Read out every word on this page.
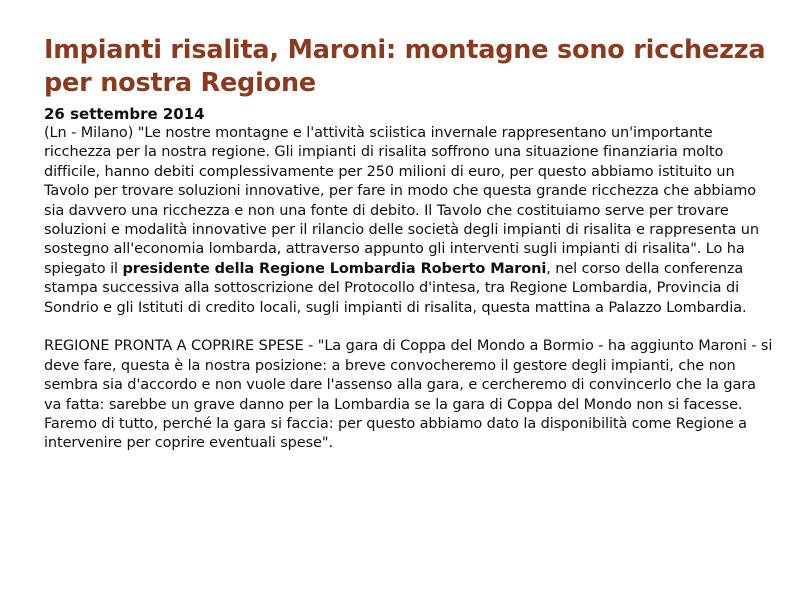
Impianti risalita, Maroni: montagne sono ricchezza per nostra Regione
26 settembre 2014

(Ln - Milano) "Le nostre montagne e l'attività sciistica invernale rappresentano un'importante ricchezza per la nostra regione. Gli impianti di risalita soffrono una situazione finanziaria molto difficile, hanno debiti complessivamente per 250 milioni di euro, per questo abbiamo istituito un Tavolo per trovare soluzioni innovative, per fare in modo che questa grande ricchezza che abbiamo sia davvero una ricchezza e non una fonte di debito. Il Tavolo che costituiamo serve per trovare soluzioni e modalità innovative per il rilancio delle società degli impianti di risalita e rappresenta un sostegno all'economia lombarda, attraverso appunto gli interventi sugli impianti di risalita". Lo ha spiegato il presidente della Regione Lombardia Roberto Maroni, nel corso della conferenza stampa successiva alla sottoscrizione del Protocollo d'intesa, tra Regione Lombardia, Provincia di Sondrio e gli Istituti di credito locali, sugli impianti di risalita, questa mattina a Palazzo Lombardia.

REGIONE PRONTA A COPRIRE SPESE - "La gara di Coppa del Mondo a Bormio - ha aggiunto Maroni - si deve fare, questa è la nostra posizione: a breve convocheremo il gestore degli impianti, che non sembra sia d'accordo e non vuole dare l'assenso alla gara, e cercheremo di convincerlo che la gara va fatta: sarebbe un grave danno per la Lombardia se la gara di Coppa del Mondo non si facesse. Faremo di tutto, perché la gara si faccia: per questo abbiamo dato la disponibilità come Regione a intervenire per coprire eventuali spese".
